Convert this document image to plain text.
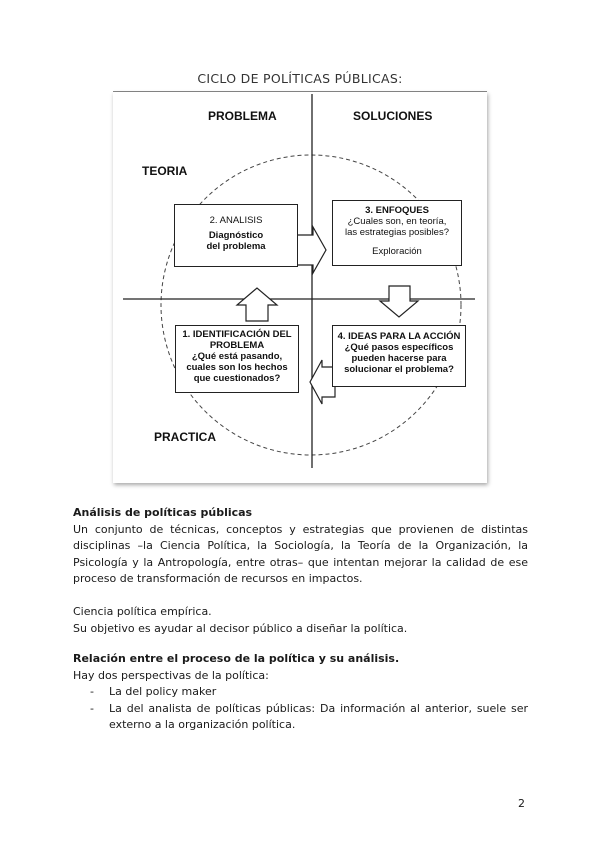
CICLO DE POLÍTICAS PÚBLICAS:
PROBLEMA	SOLUCIONES
TEORIA
PRACTICA
2. ANALISIS
Diagnóstico
del problema
3. ENFOQUES
¿Cuales son, en teoría,
las estrategias posibles?
Exploración
1. IDENTIFICACIÓN DEL
PROBLEMA
¿Qué está pasando,
cuales son los hechos
que cuestionados?
4. IDEAS PARA LA ACCIÓN
¿Qué pasos específicos
pueden hacerse para
solucionar el problema?
Análisis de políticas públicas
Un conjunto de técnicas, conceptos y estrategias que provienen de distintas disciplinas –la Ciencia Política, la Sociología, la Teoría de la Organización, la Psicología y la Antropología, entre otras– que intentan mejorar la calidad de ese proceso de transformación de recursos en impactos.
Ciencia política empírica.
Su objetivo es ayudar al decisor público a diseñar la política.
Relación entre el proceso de la política y su análisis.
Hay dos perspectivas de la política:
- La del policy maker
- La del analista de políticas públicas: Da información al anterior, suele ser externo a la organización política.
2
